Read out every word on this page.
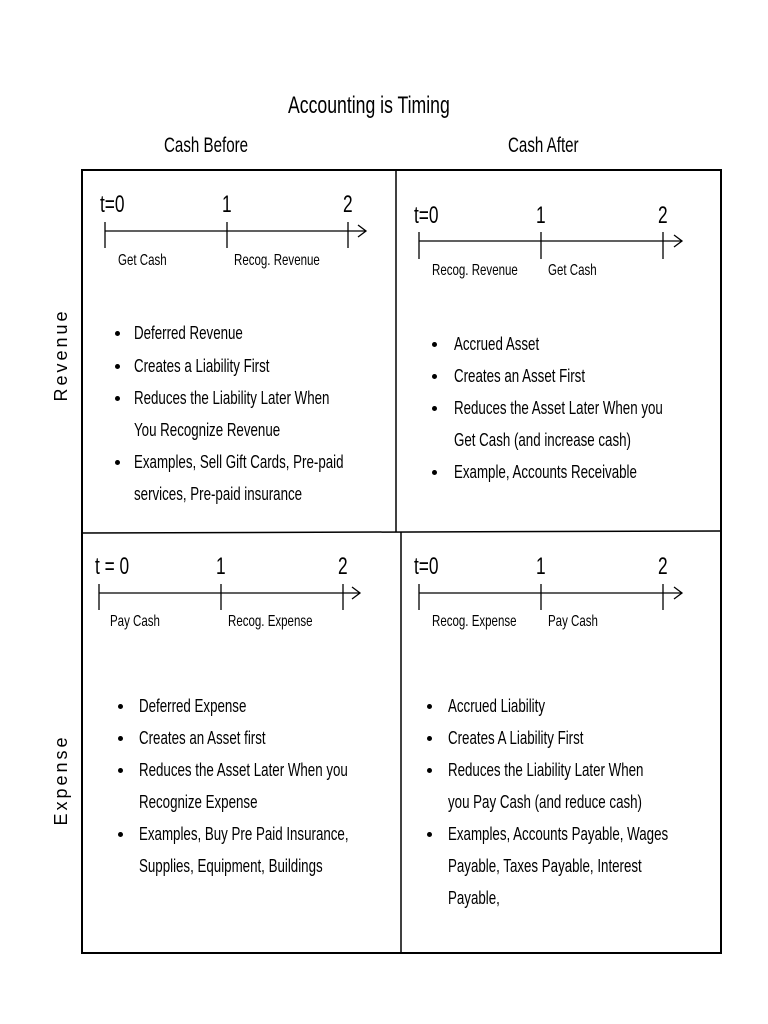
Accounting is Timing
Cash Before	Cash After
Revenue
Expense
t=0	1	2
Get Cash	Recog. Revenue
Deferred Revenue
Creates a Liability First
Reduces the Liability Later When
You Recognize Revenue
Examples, Sell Gift Cards, Pre-paid
services, Pre-paid insurance
t=0	1	2
Recog. Revenue Get Cash
Accrued Asset
Creates an Asset First
Reduces the Asset Later When you
Get Cash (and increase cash)
Example, Accounts Receivable
t = 0	1	2
Pay Cash	Recog. Expense
Deferred Expense
Creates an Asset first
Reduces the Asset Later When you
Recognize Expense
Examples, Buy Pre Paid Insurance,
Supplies, Equipment, Buildings
t=0	1	2
Recog. Expense Pay Cash
Accrued Liability
Creates A Liability First
Reduces the Liability Later When
you Pay Cash (and reduce cash)
Examples, Accounts Payable, Wages
Payable, Taxes Payable, Interest
Payable,
